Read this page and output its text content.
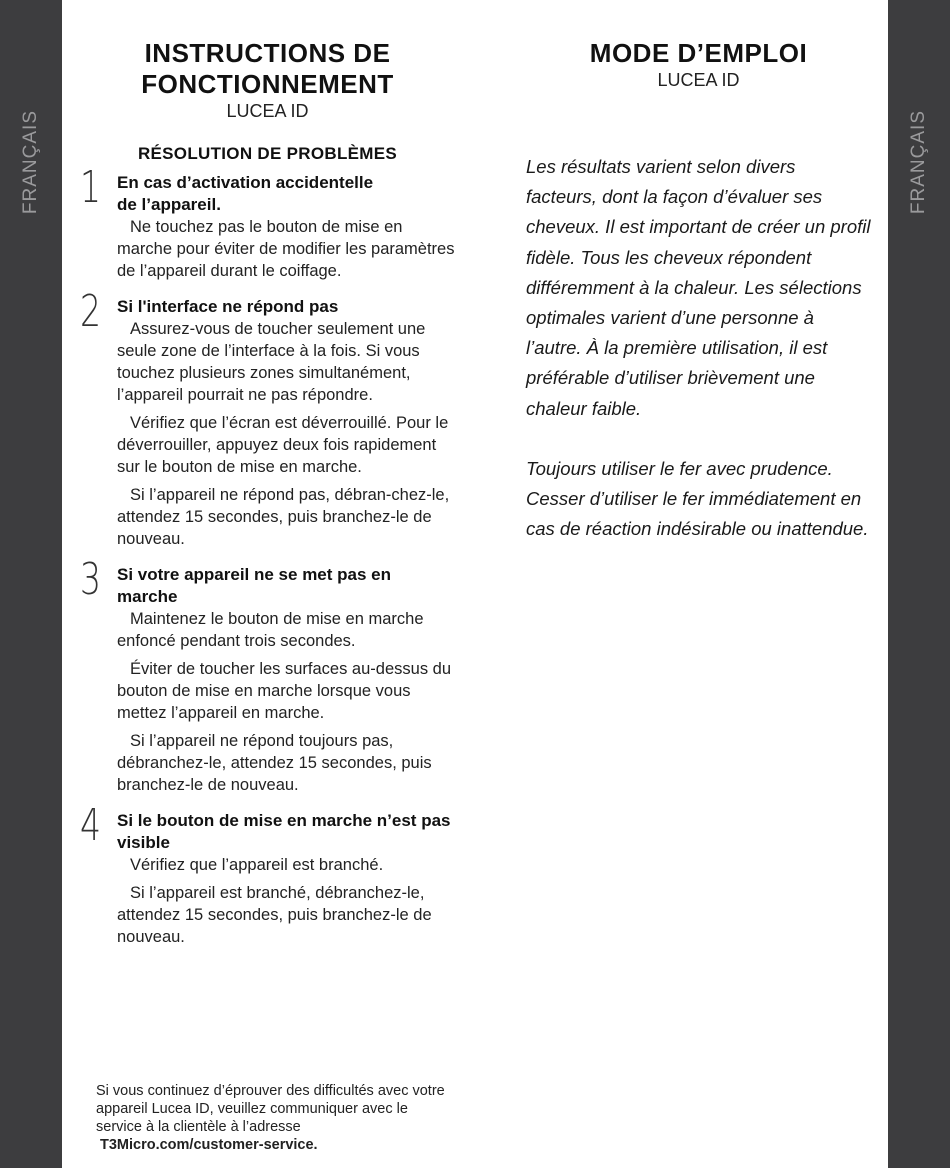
FRANÇAIS	FRANÇAIS
INSTRUCTIONS DE
FONCTIONNEMENT

LUCEA ID

RÉSOLUTION DE PROBLÈMES
1 En cas d’activation accidentelle de l’appareil.

Ne touchez pas le bouton de mise en marche pour éviter de modifier les paramètres de l’appareil durant le coiffage.

2 Si l'interface ne répond pas

Assurez-vous de toucher seulement une seule zone de l’interface à la fois. Si vous touchez plusieurs zones simultanément, l’appareil pourrait ne pas répondre.

Vérifiez que l’écran est déverrouillé. Pour le déverrouiller, appuyez deux fois rapidement sur le bouton de mise en marche.

Si l’appareil ne répond pas, débran-chez-le, attendez 15 secondes, puis branchez-le de nouveau.

3 Si votre appareil ne se met pas en marche

Maintenez le bouton de mise en marche enfoncé pendant trois secondes.

Éviter de toucher les surfaces au-dessus du bouton de mise en marche lorsque vous mettez l’appareil en marche.

Si l’appareil ne répond toujours pas, débranchez-le, attendez 15 secondes, puis branchez-le de nouveau.

4 Si le bouton de mise en marche n’est pas visible

Vérifiez que l’appareil est branché.

Si l’appareil est branché, débranchez-le, attendez 15 secondes, puis branchez-le de nouveau.

Si vous continuez d’éprouver des difficultés avec votre appareil Lucea ID, veuillez communiquer avec le service à la clientèle à l’adresse
T3Micro.com/customer-service.
MODE D’EMPLOI

LUCEA ID

Les résultats varient selon divers facteurs, dont la façon d’évaluer ses cheveux. Il est important de créer un profil fidèle. Tous les cheveux répondent différemment à la chaleur. Les sélections optimales varient d’une personne à l’autre. À la première utilisation, il est préférable d’utiliser brièvement une chaleur faible.

Toujours utiliser le fer avec prudence. Cesser d’utiliser le fer immédiatement en cas de réaction indésirable ou inattendue.
